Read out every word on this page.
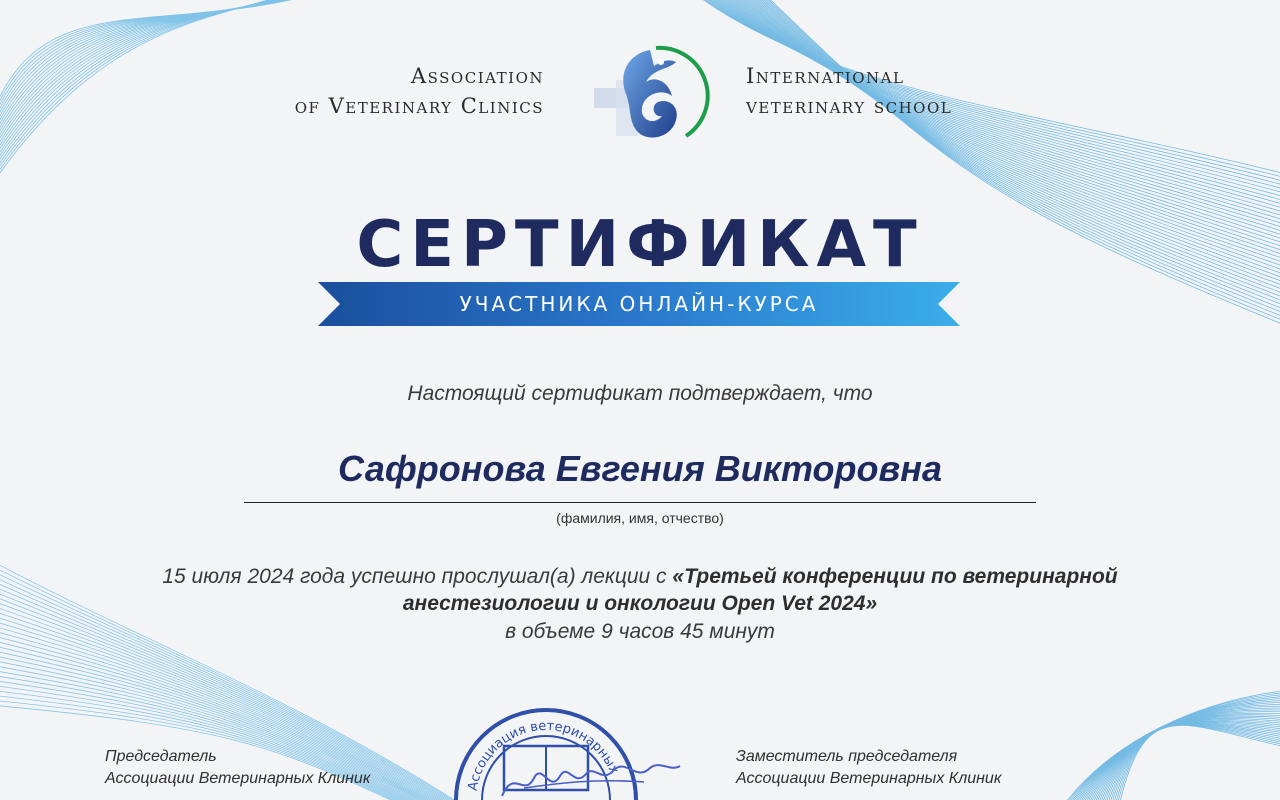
Association
of Veterinary Clinics
International
veterinary school
СЕРТИФИКАТ
УЧАСТНИКА ОНЛАЙН-КУРСА
Настоящий сертификат подтверждает, что
Сафронова Евгения Викторовна
(фамилия, имя, отчество)
15 июля 2024 года успешно прослушал(а) лекции с «Третьей конференции по ветеринарной анестезиологии и онкологии Open Vet 2024»
в объеме 9 часов 45 минут
Ассоциация ветеринарных
Председатель
Ассоциации Ветеринарных Клиник
Заместитель председателя
Ассоциации Ветеринарных Клиник
